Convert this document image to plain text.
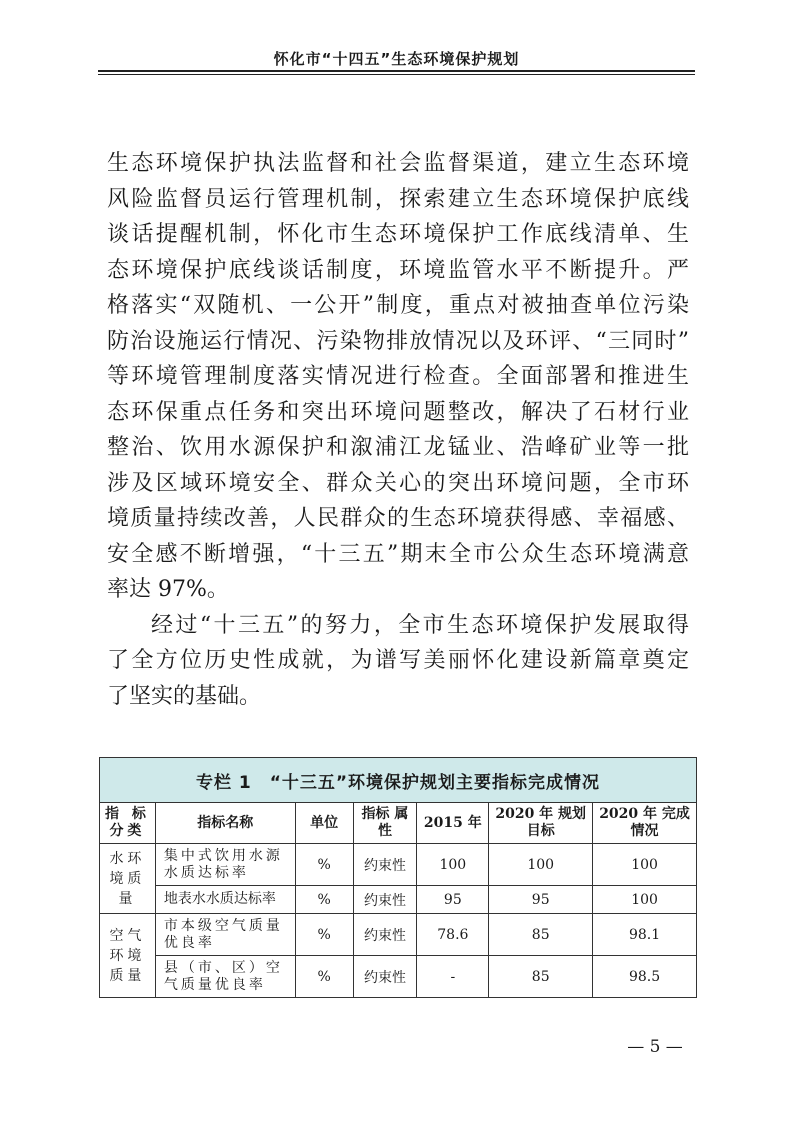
怀化市“十四五”生态环境保护规划
生态环境保护执法监督和社会监督渠道，建立生态环境
风险监督员运行管理机制，探索建立生态环境保护底线
谈话提醒机制，怀化市生态环境保护工作底线清单、生
态环境保护底线谈话制度，环境监管水平不断提升。严
格落实“双随机、一公开”制度，重点对被抽查单位污染
防治设施运行情况、污染物排放情况以及环评、“三同时”
等环境管理制度落实情况进行检查。全面部署和推进生
态环保重点任务和突出环境问题整改，解决了石材行业
整治、饮用水源保护和溆浦江龙锰业、浩峰矿业等一批
涉及区域环境安全、群众关心的突出环境问题，全市环
境质量持续改善，人民群众的生态环境获得感、幸福感、
安全感不断增强，“十三五”期末全市公众生态环境满意
率达 97%。
经过“十三五”的努力，全市生态环境保护发展取得
了全方位历史性成就，为谱写美丽怀化建设新篇章奠定
了坚实的基础。
专栏 1　“十三五”环境保护规划主要指标完成情况						
指 标 分类	指标名称	单位	指标 属性	2015 年	2020 年 规划目标	2020 年 完成情况
水环境质量	集中式饮用水源水质达标率	%	约束性	100	100	100
	地表水水质达标率	%	约束性	95	95	100
空气环境质量	市本级空气质量优良率	%	约束性	78.6	85	98.1
	县（市、区）空气质量优良率	%	约束性	-	85	98.5
— 5 —
